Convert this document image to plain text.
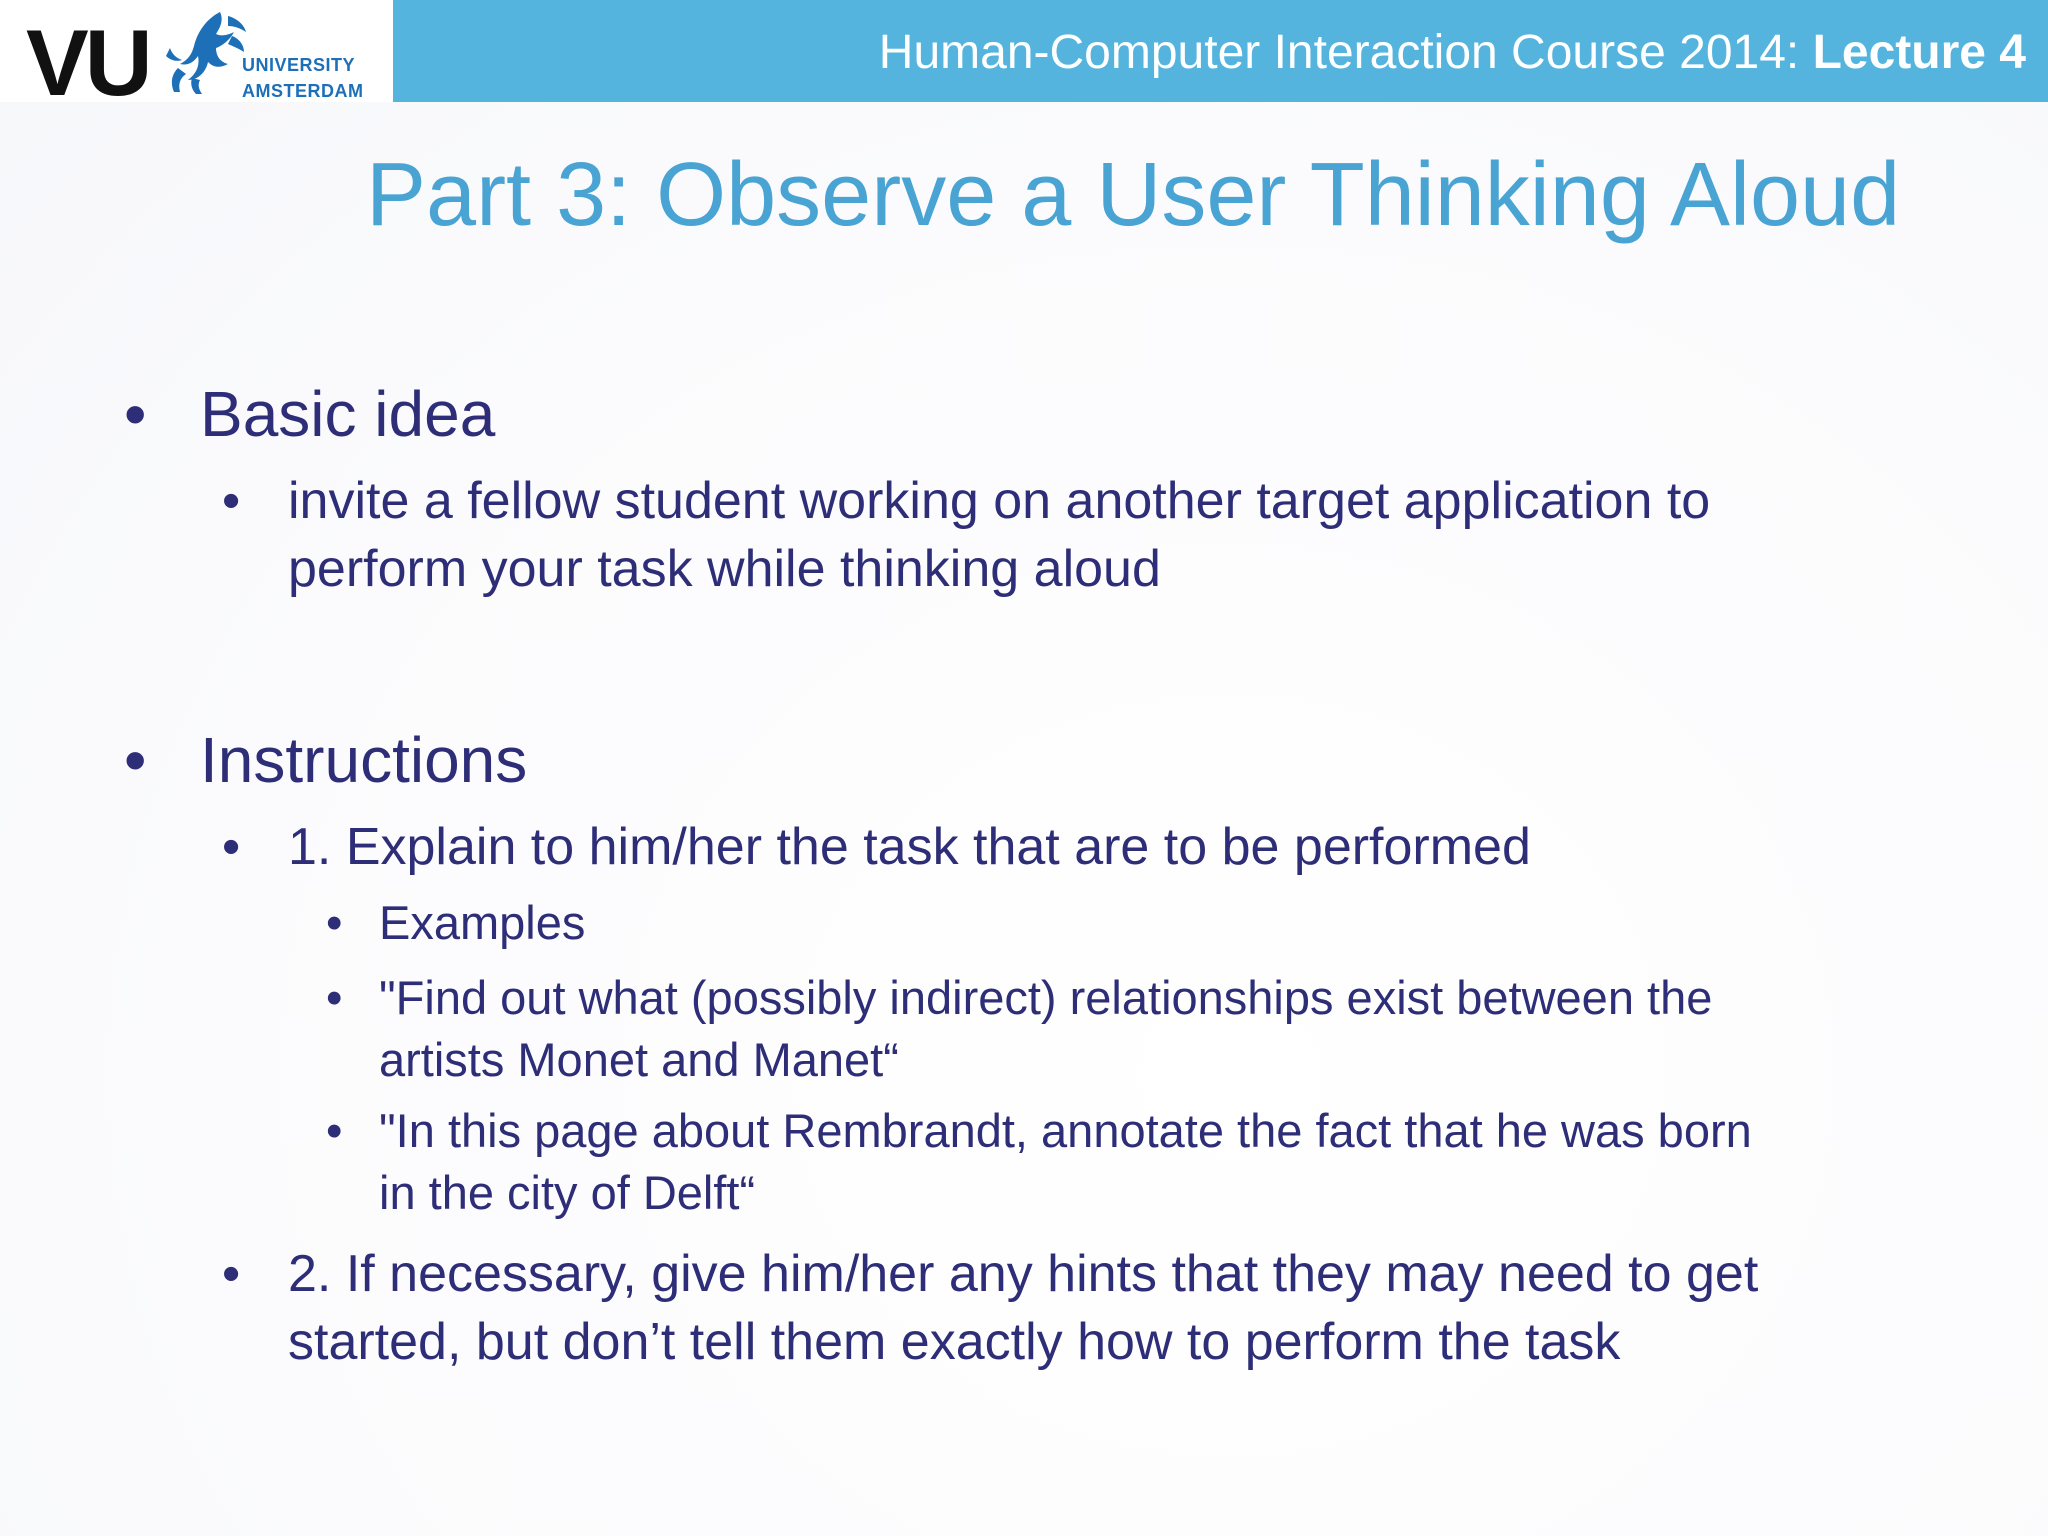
VU	UNIVERSITY
AMSTERDAM
Human-Computer Interaction Course 2014: Lecture 4
Part 3: Observe a User Thinking Aloud
• Basic idea
• invite a fellow student working on another target application to
perform your task while thinking aloud
• Instructions
• 1. Explain to him/her the task that are to be performed
• Examples
• "Find out what (possibly indirect) relationships exist between the
artists Monet and Manet“
• "In this page about Rembrandt, annotate the fact that he was born
in the city of Delft“
• 2. If necessary, give him/her any hints that they may need to get
started, but don’t tell them exactly how to perform the task
